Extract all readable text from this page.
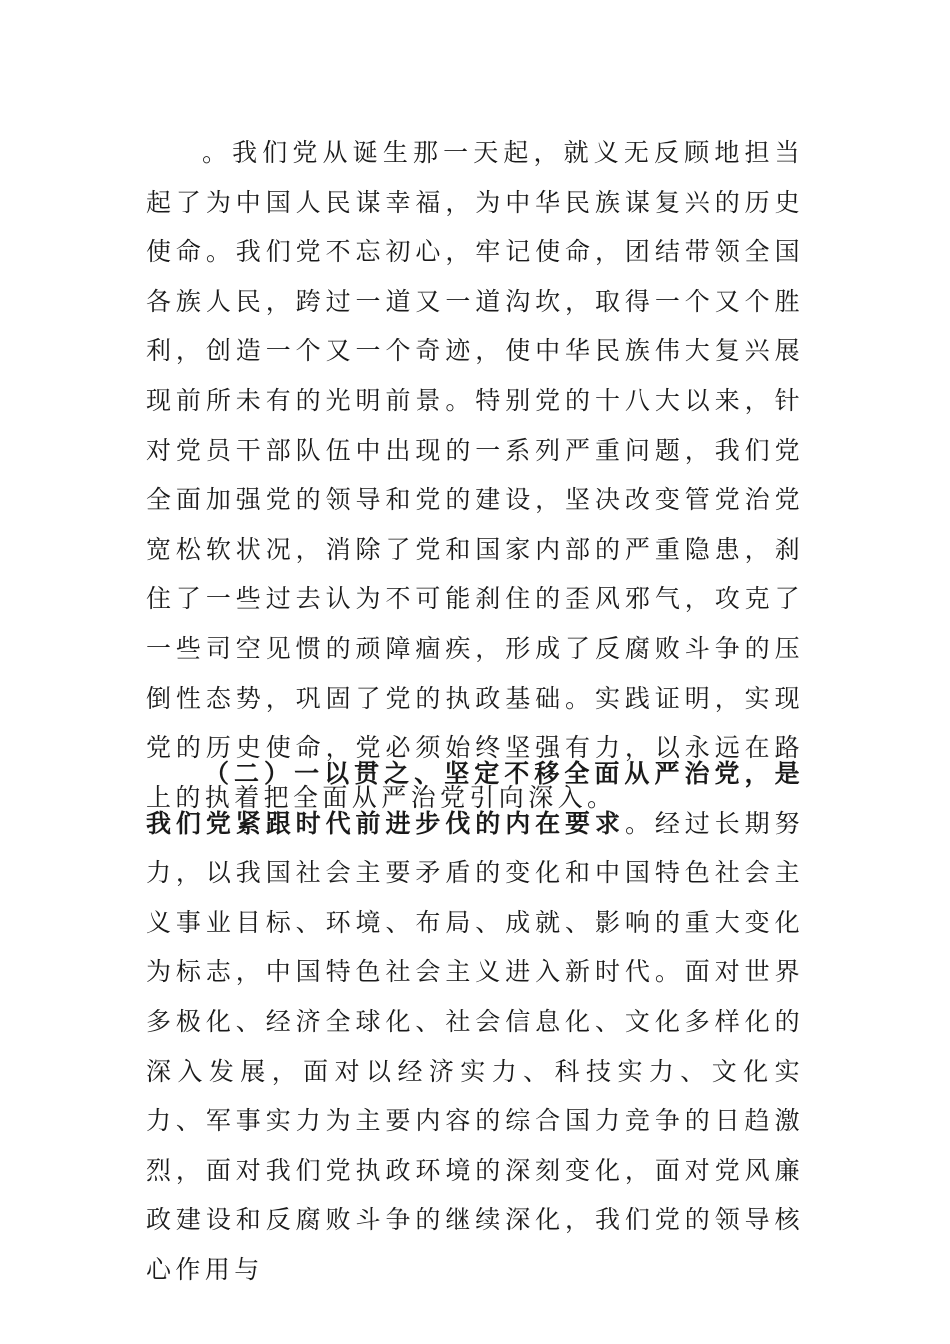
。我们党从诞生那一天起，就义无反顾地担当起了为中国人民谋幸福，为中华民族谋复兴的历史使命。我们党不忘初心，牢记使命，团结带领全国各族人民，跨过一道又一道沟坎，取得一个又个胜利，创造一个又一个奇迹，使中华民族伟大复兴展现前所未有的光明前景。特别党的十八大以来，针对党员干部队伍中出现的一系列严重问题，我们党全面加强党的领导和党的建设，坚决改变管党治党宽松软状况，消除了党和国家内部的严重隐患，刹住了一些过去认为不可能刹住的歪风邪气，攻克了一些司空见惯的顽障痼疾，形成了反腐败斗争的压倒性态势，巩固了党的执政基础。实践证明，实现党的历史使命，党必须始终坚强有力，以永远在路上的执着把全面从严治党引向深入。

（二）一以贯之、坚定不移全面从严治党，是我们党紧跟时代前进步伐的内在要求。经过长期努力，以我国社会主要矛盾的变化和中国特色社会主义事业目标、环境、布局、成就、影响的重大变化为标志，中国特色社会主义进入新时代。面对世界多极化、经济全球化、社会信息化、文化多样化的深入发展，面对以经济实力、科技实力、文化实力、军事实力为主要内容的综合国力竞争的日趋激烈，面对我们党执政环境的深刻变化，面对党风廉政建设和反腐败斗争的继续深化，我们党的领导核心作用与
